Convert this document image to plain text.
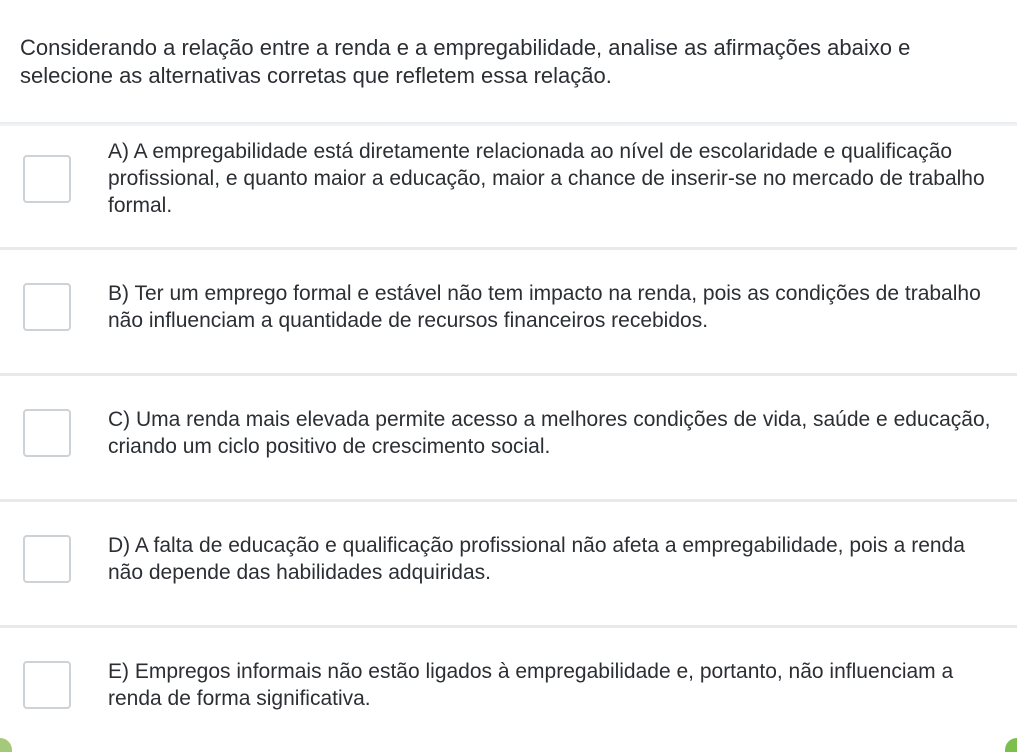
Considerando a relação entre a renda e a empregabilidade, analise as afirmações abaixo e selecione as alternativas corretas que refletem essa relação.

A) A empregabilidade está diretamente relacionada ao nível de escolaridade e qualificação profissional, e quanto maior a educação, maior a chance de inserir-se no mercado de trabalho formal.

B) Ter um emprego formal e estável não tem impacto na renda, pois as condições de trabalho não influenciam a quantidade de recursos financeiros recebidos.

C) Uma renda mais elevada permite acesso a melhores condições de vida, saúde e educação, criando um ciclo positivo de crescimento social.

D) A falta de educação e qualificação profissional não afeta a empregabilidade, pois a renda não depende das habilidades adquiridas.

E) Empregos informais não estão ligados à empregabilidade e, portanto, não influenciam a renda de forma significativa.
